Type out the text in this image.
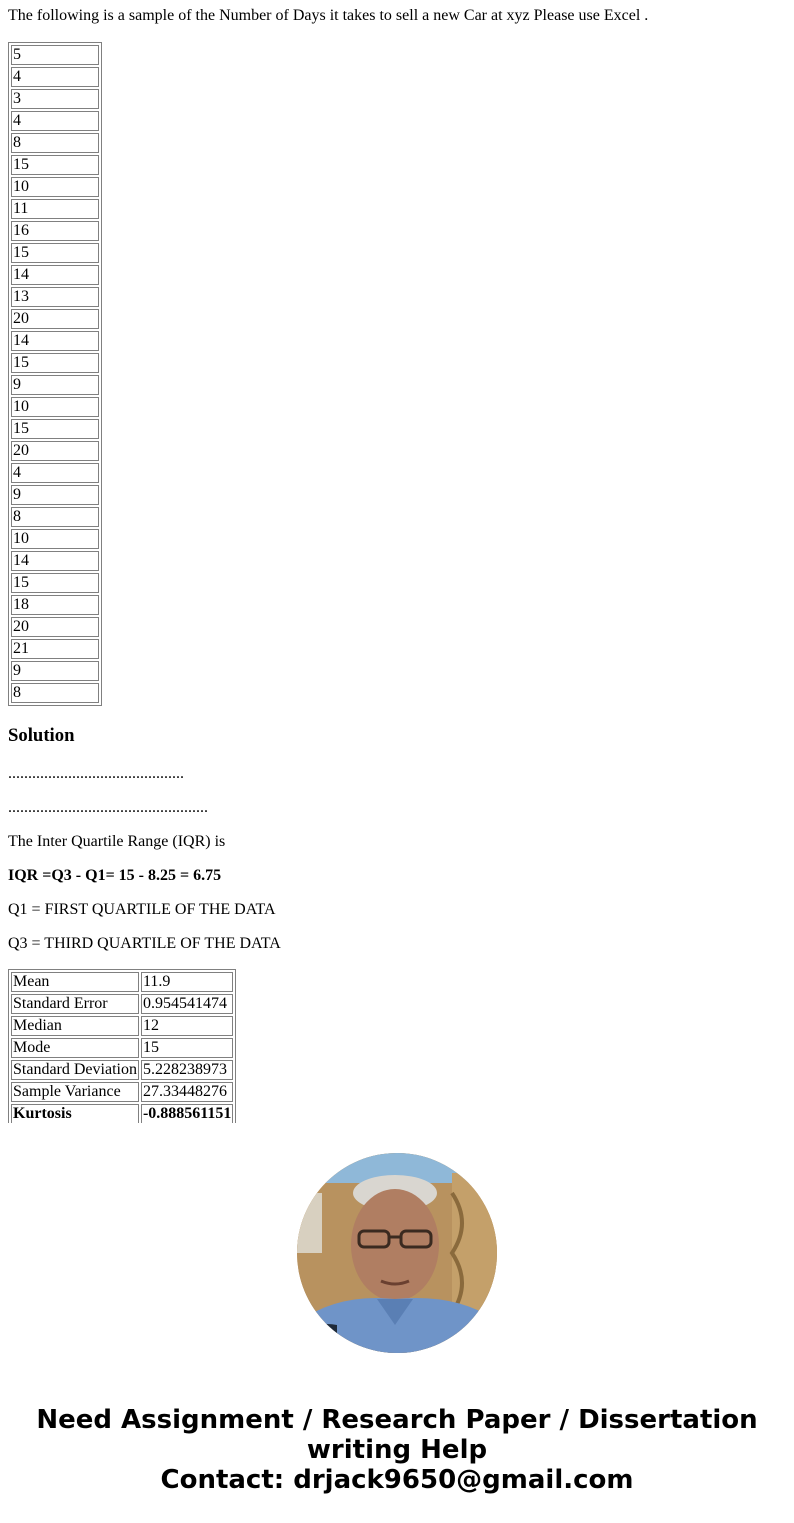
The following is a sample of the Number of Days it takes to sell a new Car at xyz Please use Excel .

5
4
3
4
8
15
10
11
16
15
14
13
20
14
15
9
10
15
20
4
9
8
10
14
15
18
20
21
9
8
Solution

............................................

..................................................

The Inter Quartile Range (IQR) is

IQR =Q3 - Q1= 15 - 8.25 = 6.75

Q1 = FIRST QUARTILE OF THE DATA

Q3 = THIRD QUARTILE OF THE DATA

Mean	11.9
Standard Error	0.954541474
Median	12
Mode	15
Standard Deviation	5.228238973
Sample Variance	27.33448276
Kurtosis	-0.888561151
Need Assignment / Research Paper / Dissertation
writing Help
Contact: drjack9650@gmail.com
